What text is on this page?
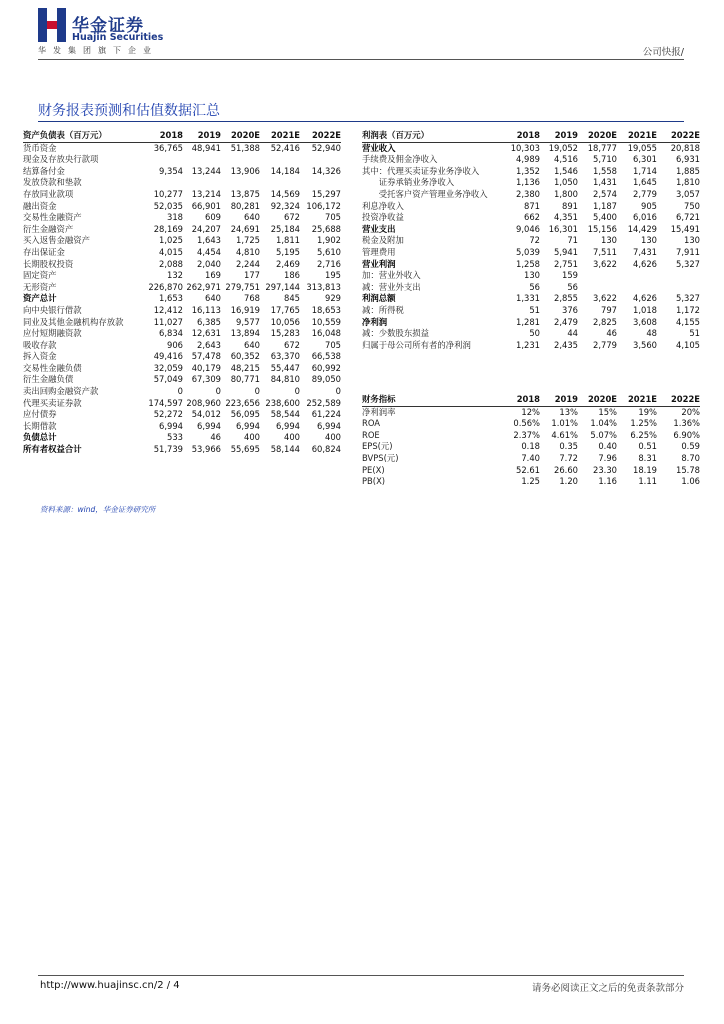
华金证券
Huajin Securities
华发集团旗下企业	公司快报/
财务报表预测和估值数据汇总
资产负债表（百万元）	2018	2019	2020E	2021E	2022E
货币资金	36,765	48,941	51,388	52,416	52,940
现金及存放央行款项					
结算备付金	9,354	13,244	13,906	14,184	14,326
发放贷款和垫款					
存放同业款项	10,277	13,214	13,875	14,569	15,297
融出资金	52,035	66,901	80,281	92,324	106,172
交易性金融资产	318	609	640	672	705
衍生金融资产	28,169	24,207	24,691	25,184	25,688
买入返售金融资产	1,025	1,643	1,725	1,811	1,902
存出保证金	4,015	4,454	4,810	5,195	5,610
长期股权投资	2,088	2,040	2,244	2,469	2,716
固定资产	132	169	177	186	195
无形资产	226,870	262,971	279,751	297,144	313,813
资产总计	1,653	640	768	845	929
向中央银行借款	12,412	16,113	16,919	17,765	18,653
同业及其他金融机构存放款	11,027	6,385	9,577	10,056	10,559
应付短期融资款	6,834	12,631	13,894	15,283	16,048
吸收存款	906	2,643	640	672	705
拆入资金	49,416	57,478	60,352	63,370	66,538
交易性金融负债	32,059	40,179	48,215	55,447	60,992
衍生金融负债	57,049	67,309	80,771	84,810	89,050
卖出回购金融资产款	0	0	0	0	0
代理买卖证券款	174,597	208,960	223,656	238,600	252,589
应付债券	52,272	54,012	56,095	58,544	61,224
长期借款	6,994	6,994	6,994	6,994	6,994
负债总计	533	46	400	400	400
所有者权益合计	51,739	53,966	55,695	58,144	60,824
利润表（百万元）	2018	2019	2020E	2021E	2022E
营业收入	10,303	19,052	18,777	19,055	20,818
手续费及佣金净收入	4,989	4,516	5,710	6,301	6,931
其中：代理买卖证券业务净收入	1,352	1,546	1,558	1,714	1,885
　　证券承销业务净收入	1,136	1,050	1,431	1,645	1,810
　　受托客户资产管理业务净收入	2,380	1,800	2,574	2,779	3,057
利息净收入	871	891	1,187	905	750
投资净收益	662	4,351	5,400	6,016	6,721
营业支出	9,046	16,301	15,156	14,429	15,491
税金及附加	72	71	130	130	130
管理费用	5,039	5,941	7,511	7,431	7,911
营业利润	1,258	2,751	3,622	4,626	5,327
加：营业外收入	130	159			
减：营业外支出	56	56			
利润总额	1,331	2,855	3,622	4,626	5,327
减：所得税	51	376	797	1,018	1,172
净利润	1,281	2,479	2,825	3,608	4,155
减：少数股东损益	50	44	46	48	51
归属于母公司所有者的净利润	1,231	2,435	2,779	3,560	4,105
财务指标	2018	2019	2020E	2021E	2022E
净利润率	12%	13%	15%	19%	20%
ROA	0.56%	1.01%	1.04%	1.25%	1.36%
ROE	2.37%	4.61%	5.07%	6.25%	6.90%
EPS(元)	0.18	0.35	0.40	0.51	0.59
BVPS(元)	7.40	7.72	7.96	8.31	8.70
PE(X)	52.61	26.60	23.30	18.19	15.78
PB(X)	1.25	1.20	1.16	1.11	1.06
资料来源：wind，华金证券研究所
http://www.huajinsc.cn/2 / 4	请务必阅读正文之后的免责条款部分
